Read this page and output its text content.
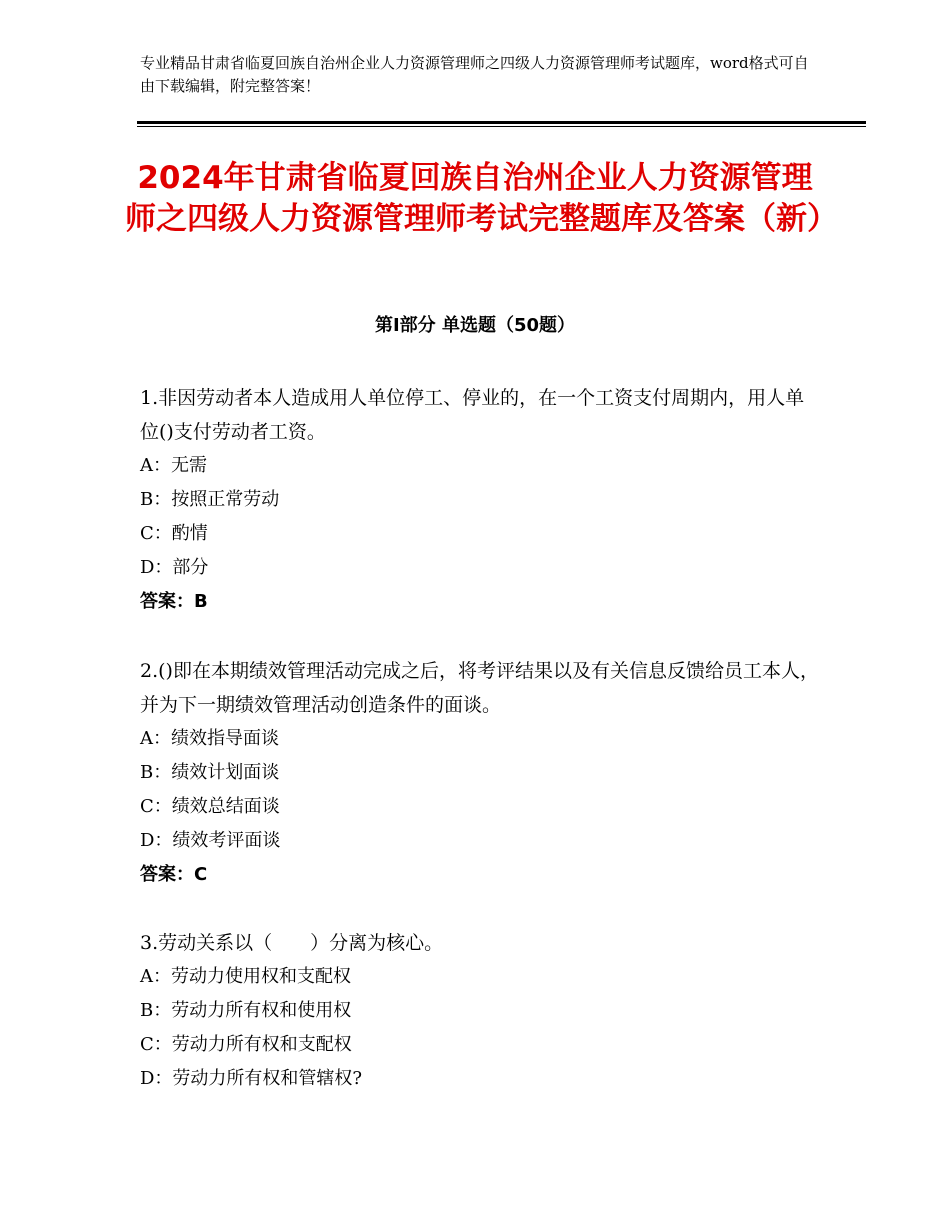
专业精品甘肃省临夏回族自治州企业人力资源管理师之四级人力资源管理师考试题库，word格式可自由下载编辑，附完整答案！
2024年甘肃省临夏回族自治州企业人力资源管理师之四级人力资源管理师考试完整题库及答案（新）
第Ⅰ部分 单选题（50题）

1.非因劳动者本人造成用人单位停工、停业的，在一个工资支付周期内，用人单位()支付劳动者工资。

A：无需

B：按照正常劳动

C：酌情

D：部分

答案：B

2.()即在本期绩效管理活动完成之后，将考评结果以及有关信息反馈给员工本人，并为下一期绩效管理活动创造条件的面谈。

A：绩效指导面谈

B：绩效计划面谈

C：绩效总结面谈

D：绩效考评面谈

答案：C

3.劳动关系以（　　）分离为核心。

A：劳动力使用权和支配权

B：劳动力所有权和使用权

C：劳动力所有权和支配权

D：劳动力所有权和管辖权?
